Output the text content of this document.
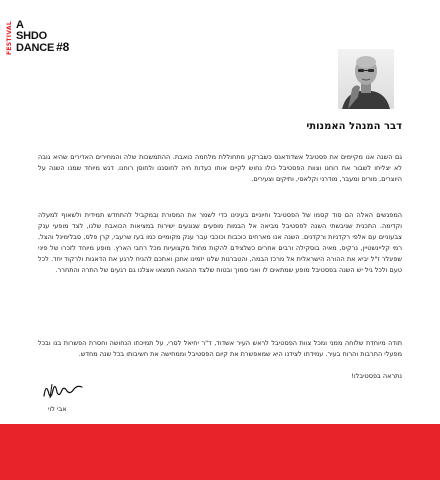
FESTIVAL A
SHDO
DANCE #8
דבר המנהל האמנותי

גם השנה אנו מקיימים את פסטיבל אשדודאנס כשברקע מתחוללת מלחמה כואבת. ההתמשכות שלה והמחירים האדירים שהיא גובה לא יצליחו לשבור את רוחנו וצוות הפסטיבל כולו נחוש לקיים אותו כעדות חיה לחוסננו ולחוסן רוחנו. דגש מיוחד שמנו השנה על היוצרים, מורים ומעבר, מודרני וקלאסי, ותיקים וצעירים.

המפגשים האלה הם סוד קסמו של הפסטיבל וחיוניים בעינינו כדי לשמר את המסורת ובמקביל להתחדש תמידית ולשאוף למעלה וקדימה. התכנית שגיבשתי השנה לפסטיבל מביאה אל הבמות מופעים שנוגעים ישירות במציאות הכואבת שלנו, לצד מופעי ענק צבעוניים עם אלפי רקדניות ורקדנים. השנה אנו מארחים כוכבות וכוכבי עבר ענק מקומיים כמו בעז שרעבי, קרן פלס, סבלימינל והצל, רמי קליינשטיין, נרקיס, מאיה בוסקילה ורבים אחרים כשלצידם להקות מחול מקצועיות מכל רחבי הארץ. מופע מיוחד לזכרו של פיני שפיגלר ז"ל יביא את ההורה הישראלית אל מרכז הבמה, והטברנות שלנו יזמינו אתכן ואתכם להניח לרגע את הדאגות ולרקוד יחד. לכל טעם ולכל גיל יש השנה בפסטיבל מופע שמתאים לו ואני סמוך ובטוח שלצד ההנאה תמצאו אצלנו גם רגעים של התרה והתחרר.

תודה מיוחדת שלוחה ממני ומכל צוות הפסטיבל לראש העיר אשדוד, ד"ר יחיאל לסרי, על תמיכתו הנחושה וחסרת הפשרות בנו ובכל מפעלי התרבות והרוח בעיר. עמידתו לצידנו היא שמאפשרת את קיום הפסטיבל וממחישה את חשיבותו בכל שנה מחדש.

נתראה בפסטיבלו!
אבי לוי
